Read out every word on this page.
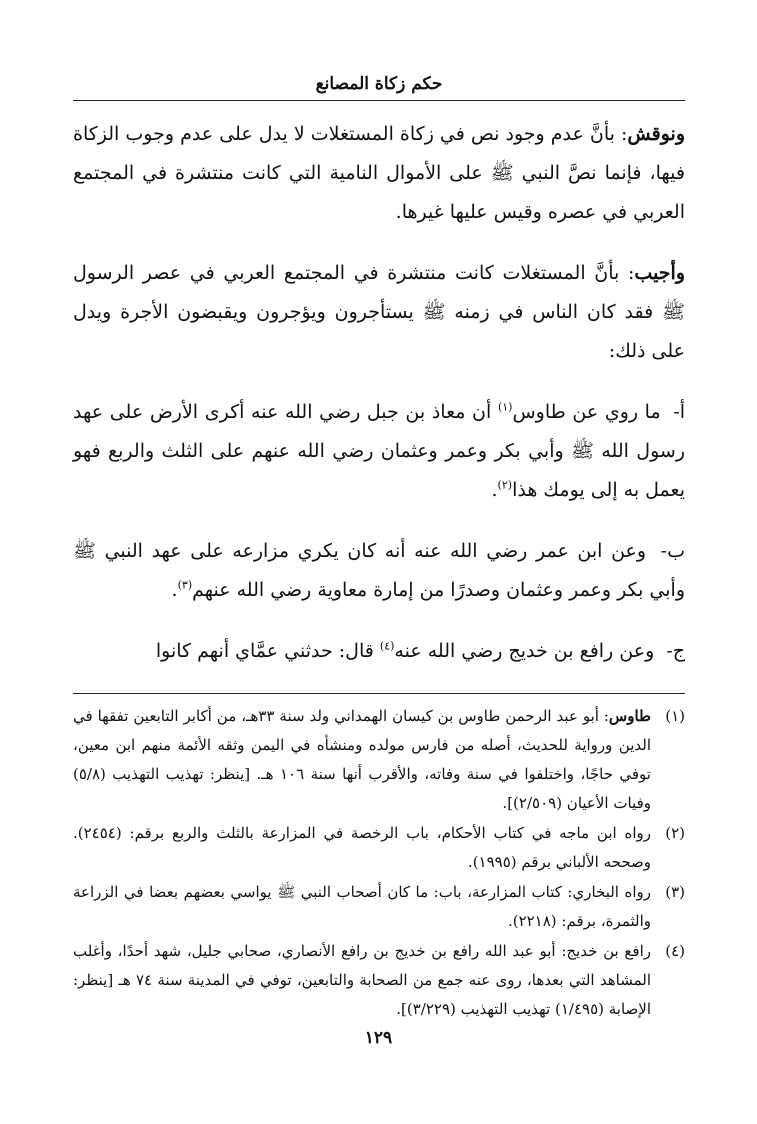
حكم زكاة المصانع

ونوقش: بأنَّ عدم وجود نص في زكاة المستغلات لا يدل على عدم وجوب الزكاة فيها، فإنما نصَّ النبي ﷺ على الأموال النامية التي كانت منتشرة في المجتمع العربي في عصره وقيس عليها غيرها.

وأجيب: بأنَّ المستغلات كانت منتشرة في المجتمع العربي في عصر الرسول ﷺ فقد كان الناس في زمنه ﷺ يستأجرون ويؤجرون ويقبضون الأجرة ويدل على ذلك:

أ- ما روي عن طاوس$^{(١)}$ أن معاذ بن جبل رضي الله عنه أكرى الأرض على عهد رسول الله ﷺ وأبي بكر وعمر وعثمان رضي الله عنهم على الثلث والربع فهو يعمل به إلى يومك هذا$^{(٢)}$.

ب- وعن ابن عمر رضي الله عنه أنه كان يكري مزارعه على عهد النبي ﷺ وأبي بكر وعمر وعثمان وصدرًا من إمارة معاوية رضي الله عنهم$^{(٣)}$.

ج- وعن رافع بن خديج رضي الله عنه$^{(٤)}$ قال: حدثني عمَّاي أنهم كانوا

(١)
طاوس: أبو عبد الرحمن طاوس بن كيسان الهمداني ولد سنة ٣٣هـ، من أكابر التابعين تفقها في الدين ورواية للحديث، أصله من فارس مولده ومنشأه في اليمن وثقه الأئمة منهم ابن معين، توفي حاجًا، واختلفوا في سنة وفاته، والأقرب أنها سنة ١٠٦ هـ. [ينظر: تهذيب التهذيب (٥/٨) وفيات الأعيان (٢/٥٠٩)].
(٢)
رواه ابن ماجه في كتاب الأحكام، باب الرخصة في المزارعة بالثلث والربع برقم: (٢٤٥٤). وصححه الألباني برقم (١٩٩٥).
(٣)
رواه البخاري: كتاب المزارعة، باب: ما كان أصحاب النبي ﷺ يواسي بعضهم بعضا في الزراعة والثمرة، برقم: (٢٢١٨).
(٤)
رافع بن خديج: أبو عبد الله رافع بن خديج بن رافع الأنصاري، صحابي جليل، شهد أحدًا، وأغلب المشاهد التي بعدها، روى عنه جمع من الصحابة والتابعين، توفي في المدينة سنة ٧٤ هـ [ينظر: الإصابة (١/٤٩٥) تهذيب التهذيب (٣/٢٢٩)].
١٢٩
